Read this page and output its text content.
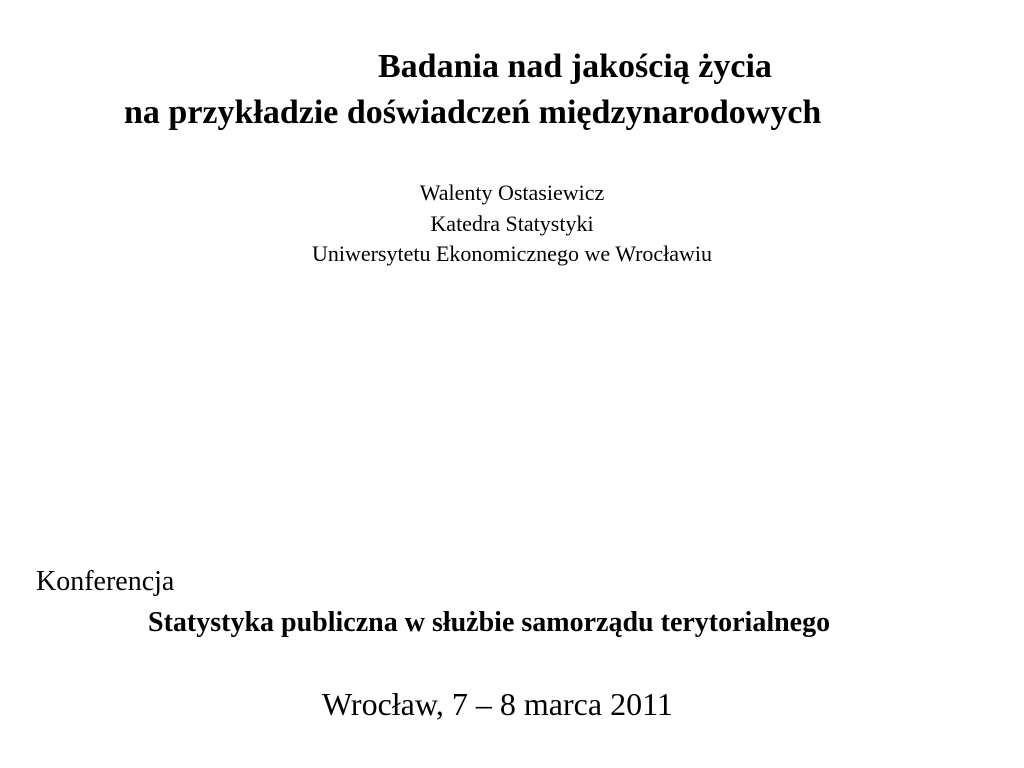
Badania nad jakością życia
na przykładzie doświadczeń międzynarodowych
Walenty Ostasiewicz
Katedra Statystyki
Uniwersytetu Ekonomicznego we Wrocławiu
Konferencja
Statystyka publiczna w służbie samorządu terytorialnego
Wrocław, 7 – 8 marca 2011
